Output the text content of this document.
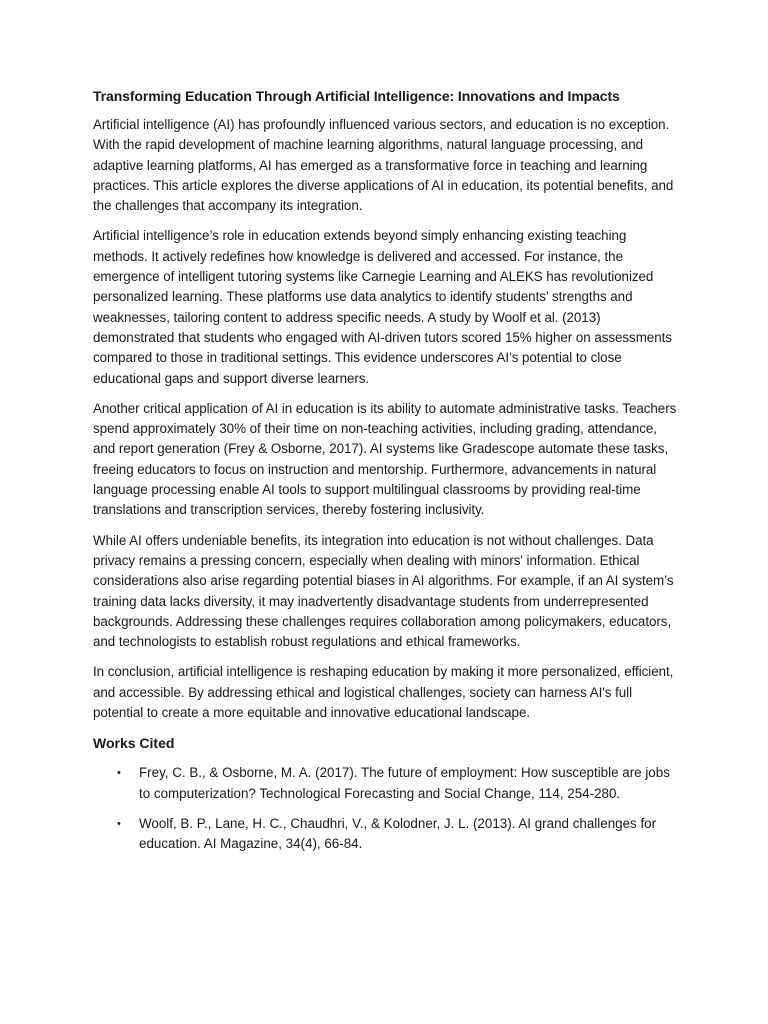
Transforming Education Through Artificial Intelligence: Innovations and Impacts

Artificial intelligence (AI) has profoundly influenced various sectors, and education is no exception. With the rapid development of machine learning algorithms, natural language processing, and adaptive learning platforms, AI has emerged as a transformative force in teaching and learning practices. This article explores the diverse applications of AI in education, its potential benefits, and the challenges that accompany its integration.

Artificial intelligence’s role in education extends beyond simply enhancing existing teaching methods. It actively redefines how knowledge is delivered and accessed. For instance, the emergence of intelligent tutoring systems like Carnegie Learning and ALEKS has revolutionized personalized learning. These platforms use data analytics to identify students’ strengths and weaknesses, tailoring content to address specific needs. A study by Woolf et al. (2013) demonstrated that students who engaged with AI-driven tutors scored 15% higher on assessments compared to those in traditional settings. This evidence underscores AI’s potential to close educational gaps and support diverse learners.

Another critical application of AI in education is its ability to automate administrative tasks. Teachers spend approximately 30% of their time on non-teaching activities, including grading, attendance, and report generation (Frey & Osborne, 2017). AI systems like Gradescope automate these tasks, freeing educators to focus on instruction and mentorship. Furthermore, advancements in natural language processing enable AI tools to support multilingual classrooms by providing real-time translations and transcription services, thereby fostering inclusivity.

While AI offers undeniable benefits, its integration into education is not without challenges. Data privacy remains a pressing concern, especially when dealing with minors' information. Ethical considerations also arise regarding potential biases in AI algorithms. For example, if an AI system’s training data lacks diversity, it may inadvertently disadvantage students from underrepresented backgrounds. Addressing these challenges requires collaboration among policymakers, educators, and technologists to establish robust regulations and ethical frameworks.

In conclusion, artificial intelligence is reshaping education by making it more personalized, efficient, and accessible. By addressing ethical and logistical challenges, society can harness AI's full potential to create a more equitable and innovative educational landscape.

Works Cited
• Frey, C. B., & Osborne, M. A. (2017). The future of employment: How susceptible are jobs to computerization? Technological Forecasting and Social Change, 114, 254-280.
• Woolf, B. P., Lane, H. C., Chaudhri, V., & Kolodner, J. L. (2013). AI grand challenges for education. AI Magazine, 34(4), 66-84.
